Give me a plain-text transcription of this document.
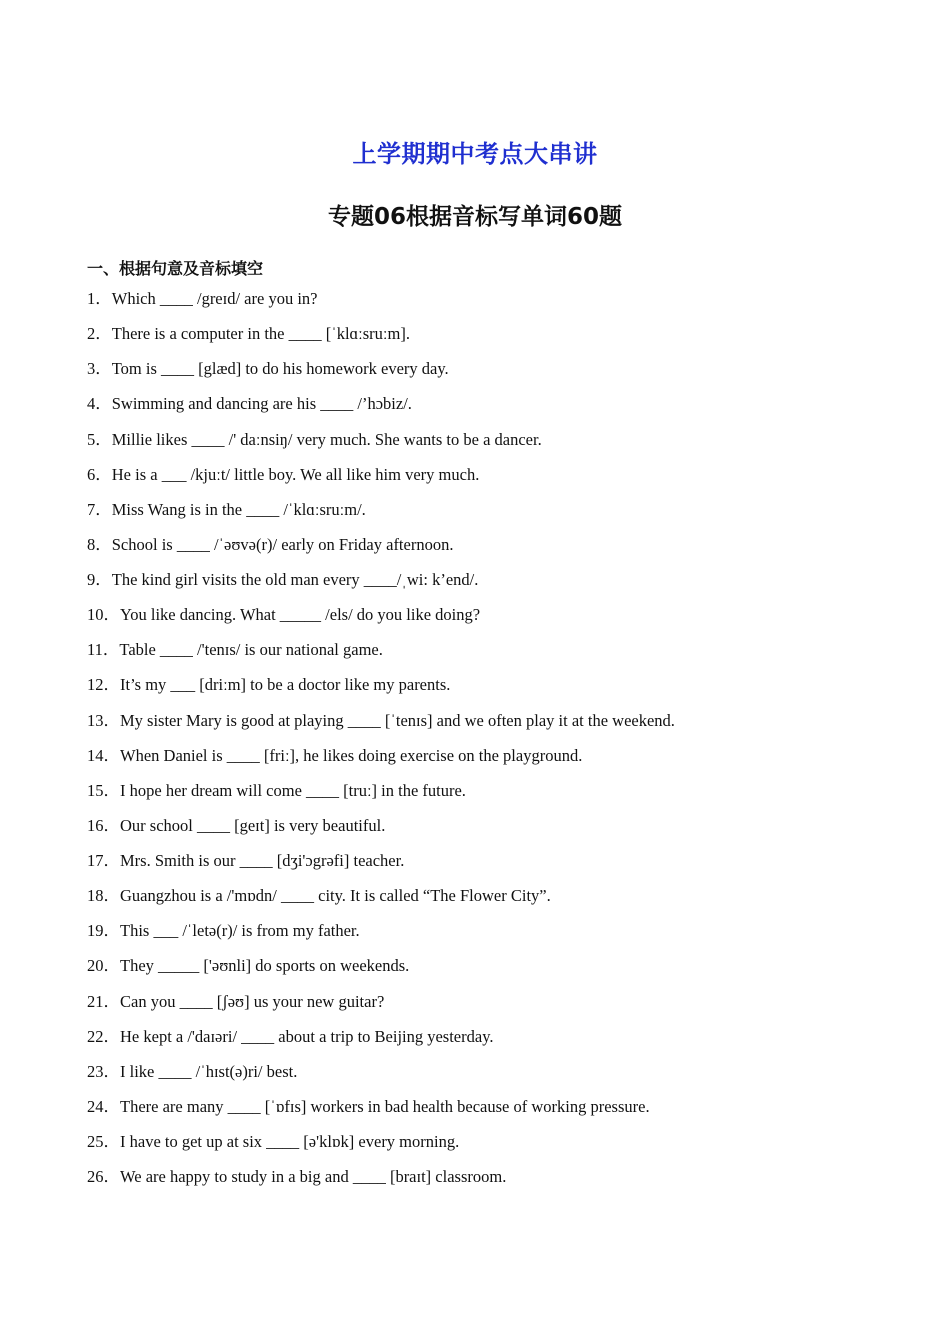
上学期期中考点大串讲
专题06根据音标写单词60题
一、根据句意及音标填空
1．Which ____ /greɪd/ are you in?
2．There is a computer in the ____ [ˈklɑːsruːm].
3．Tom is ____ [glæd] to do his homework every day.
4．Swimming and dancing are his ____ /’hɔbiz/.
5．Millie likes ____ /' daːnsiŋ/ very much. She wants to be a dancer.
6．He is a ___ /kjuːt/ little boy. We all like him very much.
7．Miss Wang is in the ____ /ˈklɑːsruːm/.
8．School is ____ /ˈəʊvə(r)/ early on Friday afternoon.
9．The kind girl visits the old man every ____/ˌwi: k’end/.
10．You like dancing. What _____ /els/ do you like doing?
11．Table ____ /'tenɪs/ is our national game.
12．It’s my ___ [driːm] to be a doctor like my parents.
13．My sister Mary is good at playing ____ [ˈtenɪs] and we often play it at the weekend.
14．When Daniel is ____ [friː], he likes doing exercise on the playground.
15．I hope her dream will come ____ [truː] in the future.
16．Our school ____ [geɪt] is very beautiful.
17．Mrs. Smith is our ____ [dʒi'ɔgrəfi] teacher.
18．Guangzhou is a /'mɒdn/ ____ city. It is called “The Flower City”.
19．This ___ /ˈletə(r)/ is from my father.
20．They _____ ['əʊnli] do sports on weekends.
21．Can you ____ [ʃəʊ] us your new guitar?
22．He kept a /'daɪəri/ ____ about a trip to Beijing yesterday.
23．I like ____ /ˈhɪst(ə)ri/ best.
24．There are many ____ [ˈɒfɪs] workers in bad health because of working pressure.
25．I have to get up at six ____ [ə'klɒk] every morning.
26．We are happy to study in a big and ____ [braɪt] classroom.
